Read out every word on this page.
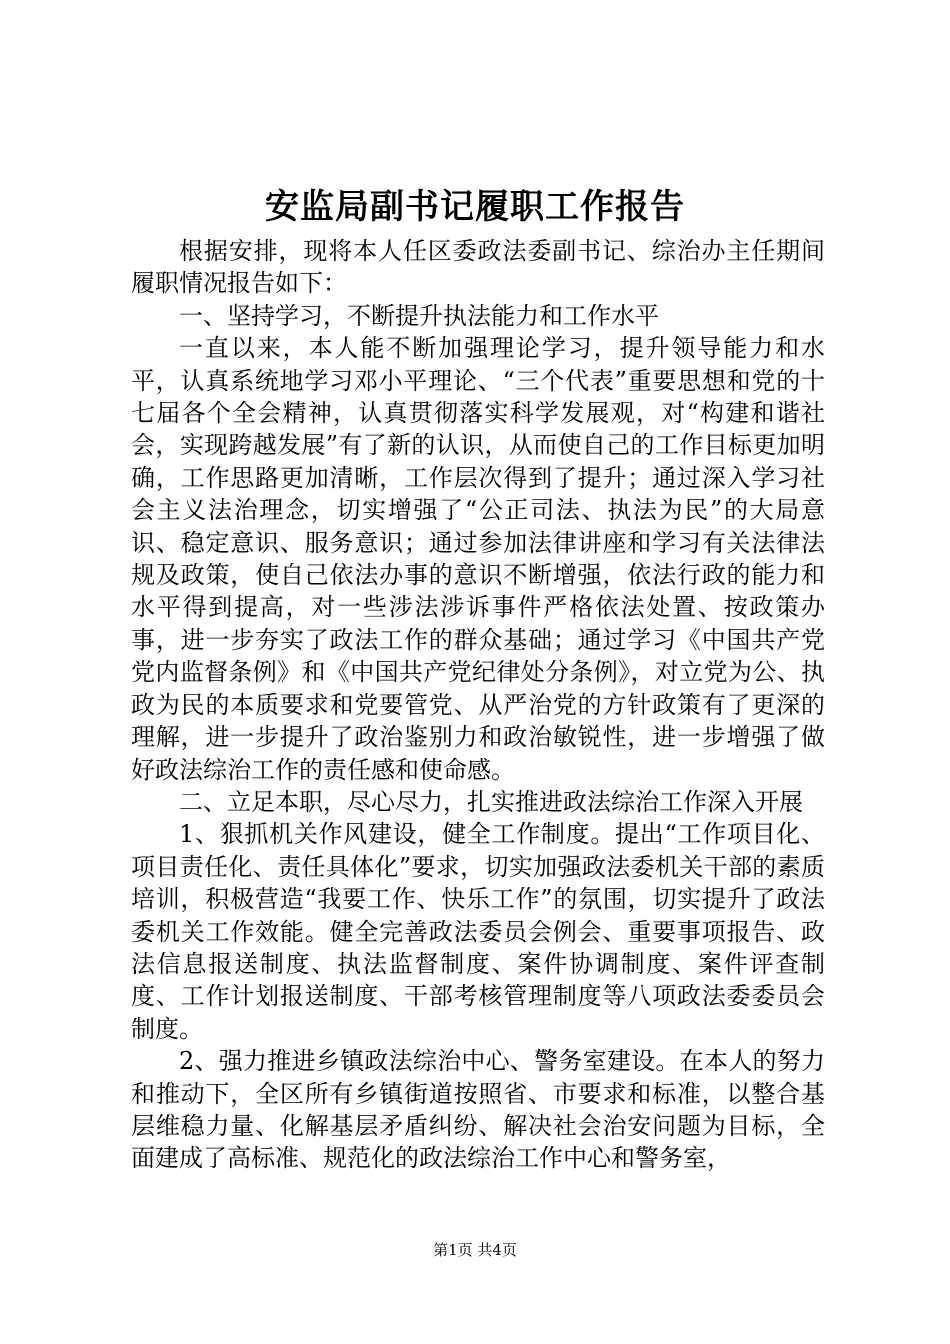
安监局副书记履职工作报告

根据安排，现将本人任区委政法委副书记、综治办主任期间履职情况报告如下：

一、坚持学习，不断提升执法能力和工作水平

一直以来，本人能不断加强理论学习，提升领导能力和水平，认真系统地学习邓小平理论、“三个代表”重要思想和党的十七届各个全会精神，认真贯彻落实科学发展观，对“构建和谐社会，实现跨越发展”有了新的认识，从而使自己的工作目标更加明确，工作思路更加清晰，工作层次得到了提升；通过深入学习社会主义法治理念，切实增强了“公正司法、执法为民”的大局意识、稳定意识、服务意识；通过参加法律讲座和学习有关法律法规及政策，使自己依法办事的意识不断增强，依法行政的能力和水平得到提高，对一些涉法涉诉事件严格依法处置、按政策办事，进一步夯实了政法工作的群众基础；通过学习《中国共产党党内监督条例》和《中国共产党纪律处分条例》，对立党为公、执政为民的本质要求和党要管党、从严治党的方针政策有了更深的理解，进一步提升了政治鉴别力和政治敏锐性，进一步增强了做好政法综治工作的责任感和使命感。

二、立足本职，尽心尽力，扎实推进政法综治工作深入开展

1、狠抓机关作风建设，健全工作制度。提出“工作项目化、项目责任化、责任具体化”要求，切实加强政法委机关干部的素质培训，积极营造“我要工作、快乐工作”的氛围，切实提升了政法委机关工作效能。健全完善政法委员会例会、重要事项报告、政法信息报送制度、执法监督制度、案件协调制度、案件评查制度、工作计划报送制度、干部考核管理制度等八项政法委委员会制度。

2、强力推进乡镇政法综治中心、警务室建设。在本人的努力和推动下，全区所有乡镇街道按照省、市要求和标准，以整合基层维稳力量、化解基层矛盾纠纷、解决社会治安问题为目标，全面建成了高标准、规范化的政法综治工作中心和警务室，

第1页 共4页
